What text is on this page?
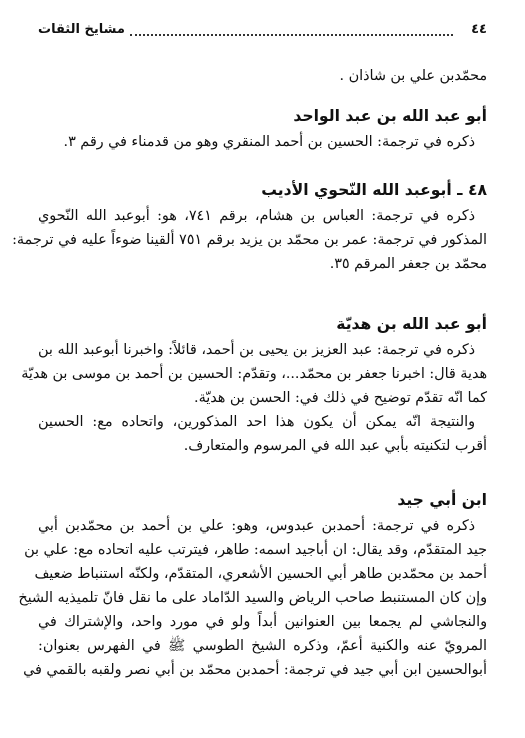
٤٤
مشايخ الثقات
محمّدبن علي بن شاذان .
أبو عبد الله بن عبد الواحد
ذكره في ترجمة: الحسين بن أحمد المنقري وهو من قدمناء في رقم ٣.
٤٨ ـ أبوعبد الله النّحوي الأديب
ذكره في ترجمة: العباس بن هشام، برقم ٧٤١، هو: أبوعبد الله النّحوي
المذكور في ترجمة: عمر بن محمّد بن يزيد برقم ٧٥١ ألقينا ضوءاً عليه في ترجمة:
محمّد بن جعفر المرقم ٣٥.
أبو عبد الله بن هديّة
ذكره في ترجمة: عبد العزيز بن يحيى بن أحمد، قائلاً: واخبرنا أبوعبد الله بن
هدية قال: اخبرنا جعفر بن محمّد...، وتقدّم: الحسين بن أحمد بن موسى بن هديّة
كما انّه تقدّم توضيح في ذلك في: الحسن بن هديّة.
والنتيجة انّه يمكن أن يكون هذا احد المذكورين، واتحاده مع: الحسين
أقرب لتكنيته بأبي عبد الله في المرسوم والمتعارف.
ابن أبي جيد
ذكره في ترجمة: أحمدبن عبدوس، وهو: علي بن أحمد بن محمّدبن أبي
جيد المتقدّم، وقد يقال: ان أباجيد اسمه: طاهر، فيترتب عليه اتحاده مع: علي بن
أحمد بن محمّدبن طاهر أبي الحسين الأشعري، المتقدّم، ولكنّه استنباط ضعيف
وإن كان المستنبط صاحب الرياض والسيد الدّاماد على ما نقل فانّ تلميذيه الشيخ
والنجاشي لم يجمعا بين العنوانين أبداً ولو في مورد واحد، والإشتراك في
المرويّ عنه والكنية أعمّ، وذكره الشيخ الطوسي ﷺ في الفهرس بعنوان:
أبوالحسين ابن أبي جيد في ترجمة: أحمدبن محمّد بن أبي نصر ولقبه بالقمي في
